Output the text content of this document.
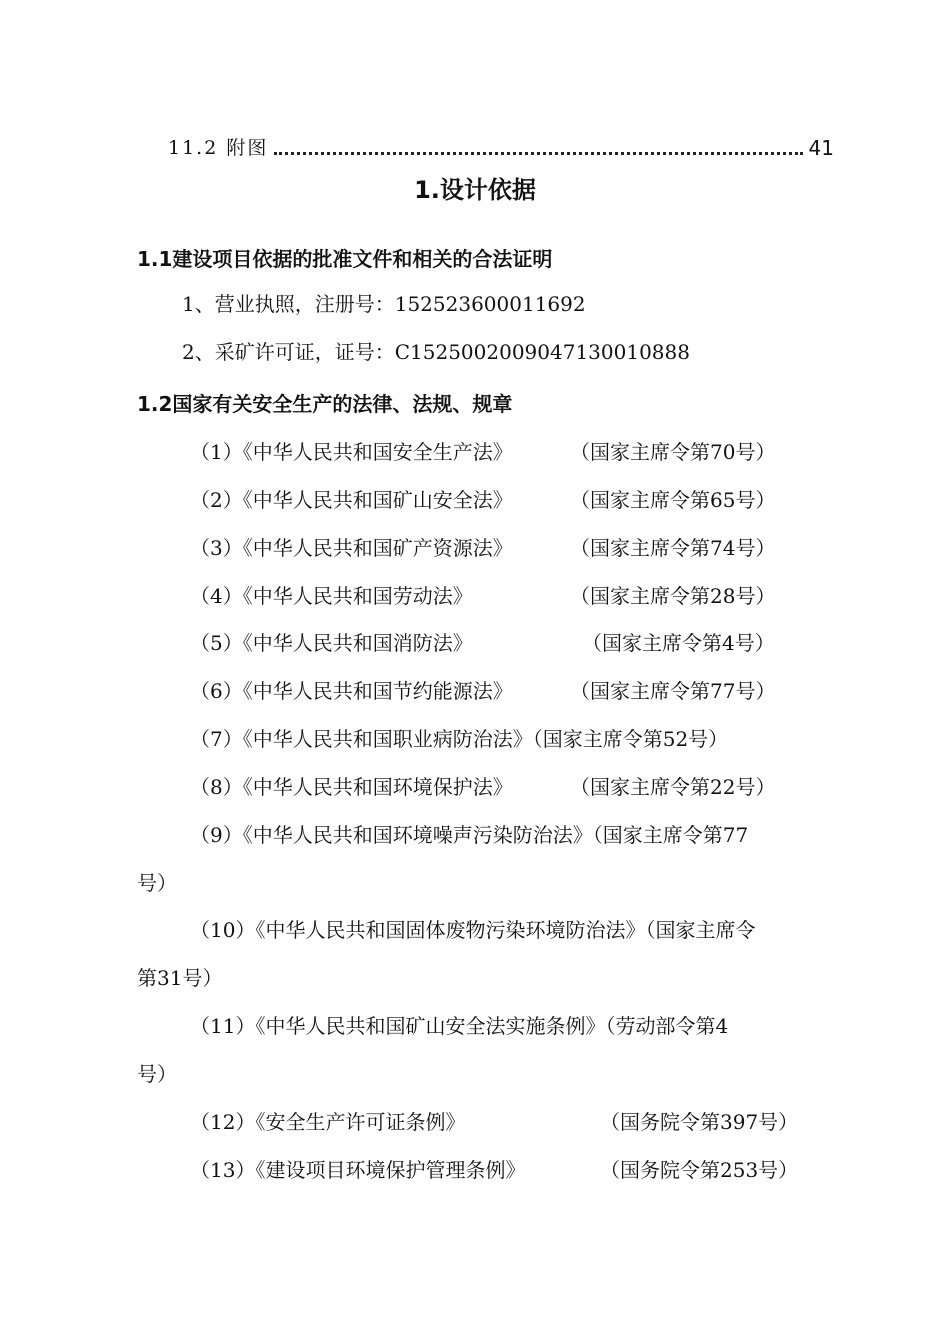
11.2 附图	41
1.设计依据
1.1建设项目依据的批准文件和相关的合法证明
1、营业执照，注册号：152523600011692
2、采矿许可证，证号：C1525002009047130010888
1.2国家有关安全生产的法律、法规、规章
（1）《中华人民共和国安全生产法》	（国家主席令第70号）
（2）《中华人民共和国矿山安全法》	（国家主席令第65号）
（3）《中华人民共和国矿产资源法》	（国家主席令第74号）
（4）《中华人民共和国劳动法》	（国家主席令第28号）
（5）《中华人民共和国消防法》	（国家主席令第4号）
（6）《中华人民共和国节约能源法》	（国家主席令第77号）
（7）《中华人民共和国职业病防治法》（国家主席令第52号）
（8）《中华人民共和国环境保护法》	（国家主席令第22号）
（9）《中华人民共和国环境噪声污染防治法》（国家主席令第77
号）
（10）《中华人民共和国固体废物污染环境防治法》（国家主席令
第31号）
（11）《中华人民共和国矿山安全法实施条例》（劳动部令第4
号）
（12）《安全生产许可证条例》	（国务院令第397号）
（13）《建设项目环境保护管理条例》	（国务院令第253号）
